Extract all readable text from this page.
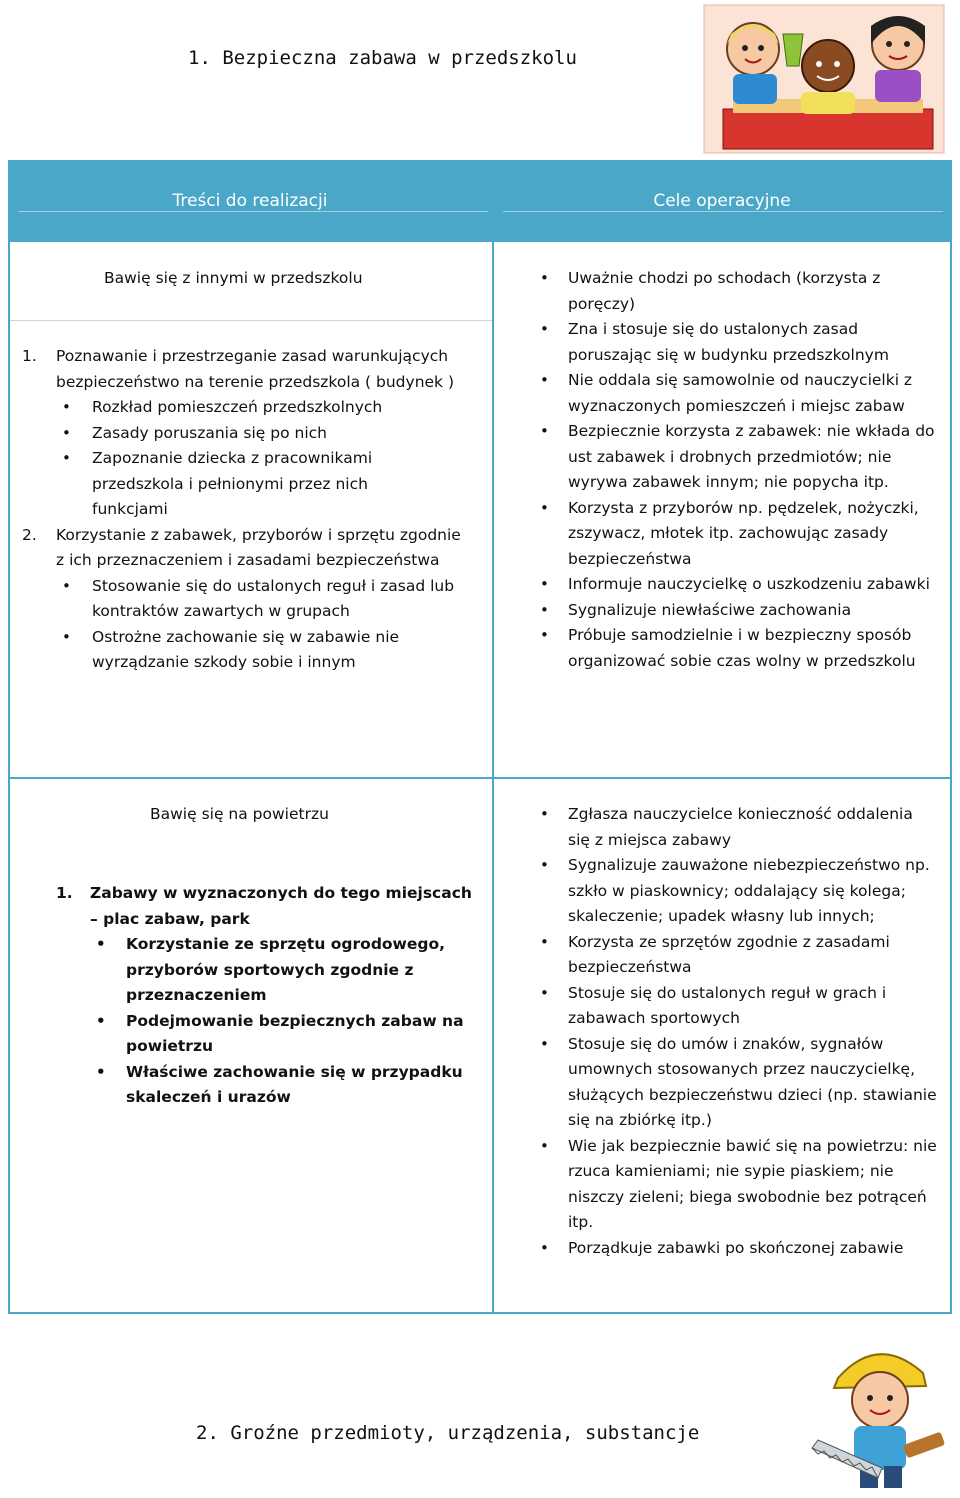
1. Bezpieczna zabawa w przedszkolu
Treści do realizacji	Cele operacyjne
Bawię się z innymi w przedszkolu
1. Poznawanie i przestrzeganie zasad warunkujących bezpieczeństwo na terenie przedszkola ( budynek )
• Rozkład pomieszczeń przedszkolnych
• Zasady poruszania się po nich
• Zapoznanie dziecka z pracownikami przedszkola i pełnionymi przez nich funkcjami
2. Korzystanie z zabawek, przyborów i sprzętu zgodnie z ich przeznaczeniem i zasadami bezpieczeństwa
• Stosowanie się do ustalonych reguł i zasad lub kontraktów zawartych w grupach
• Ostrożne zachowanie się w zabawie nie wyrządzanie szkody sobie i innym
• Uważnie chodzi po schodach (korzysta z poręczy)
• Zna i stosuje się do ustalonych zasad poruszając się w budynku przedszkolnym
• Nie oddala się samowolnie od nauczycielki z wyznaczonych pomieszczeń i miejsc zabaw
• Bezpiecznie korzysta z zabawek: nie wkłada do ust zabawek i drobnych przedmiotów; nie wyrywa zabawek innym; nie popycha itp.
• Korzysta z przyborów np. pędzelek, nożyczki, zszywacz, młotek itp. zachowując zasady bezpieczeństwa
• Informuje nauczycielkę o uszkodzeniu zabawki
• Sygnalizuje niewłaściwe zachowania
• Próbuje samodzielnie i w bezpieczny sposób organizować sobie czas wolny w przedszkolu
Bawię się na powietrzu
1. Zabawy w wyznaczonych do tego miejscach – plac zabaw, park
• Korzystanie ze sprzętu ogrodowego, przyborów sportowych zgodnie z przeznaczeniem
• Podejmowanie bezpiecznych zabaw na powietrzu
• Właściwe zachowanie się w przypadku skaleczeń i urazów
• Zgłasza nauczycielce konieczność oddalenia się z miejsca zabawy
• Sygnalizuje zauważone niebezpieczeństwo np. szkło w piaskownicy; oddalający się kolega; skaleczenie; upadek własny lub innych;
• Korzysta ze sprzętów zgodnie z zasadami bezpieczeństwa
• Stosuje się do ustalonych reguł w grach i zabawach sportowych
• Stosuje się do umów i znaków, sygnałów umownych stosowanych przez nauczycielkę, służących bezpieczeństwu dzieci (np. stawianie się na zbiórkę itp.)
• Wie jak bezpiecznie bawić się na powietrzu: nie rzuca kamieniami; nie sypie piaskiem; nie niszczy zieleni; biega swobodnie bez potrąceń itp.
• Porządkuje zabawki po skończonej zabawie
2. Groźne przedmioty, urządzenia, substancje
